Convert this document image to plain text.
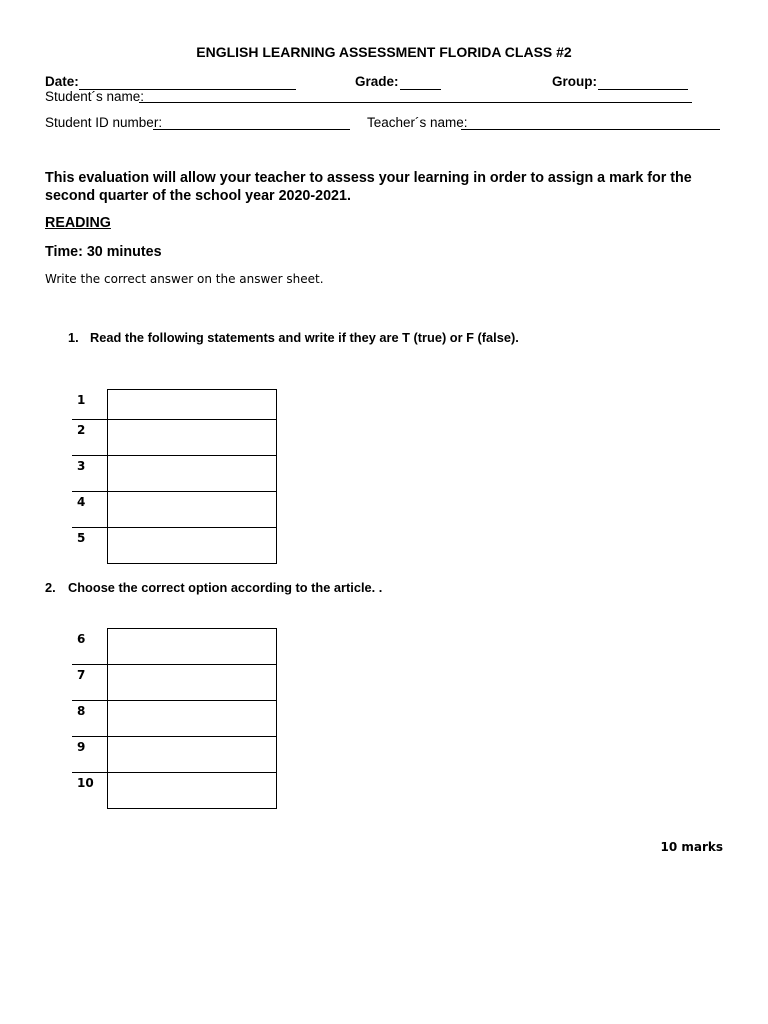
ENGLISH LEARNING ASSESSMENT FLORIDA CLASS #2
Date:	Grade:	Group:
Student´s name:
Student ID number:	Teacher´s name:
This evaluation will allow your teacher to assess your learning in order to assign a mark for the second quarter of the school year 2020-2021.
READING
Time: 30 minutes
Write the correct answer on the answer sheet.
1. Read the following statements and write if they are T (true) or F (false).
1
2
3
4
5
2. Choose the correct option according to the article. .
6
7
8
9
10
10 marks
